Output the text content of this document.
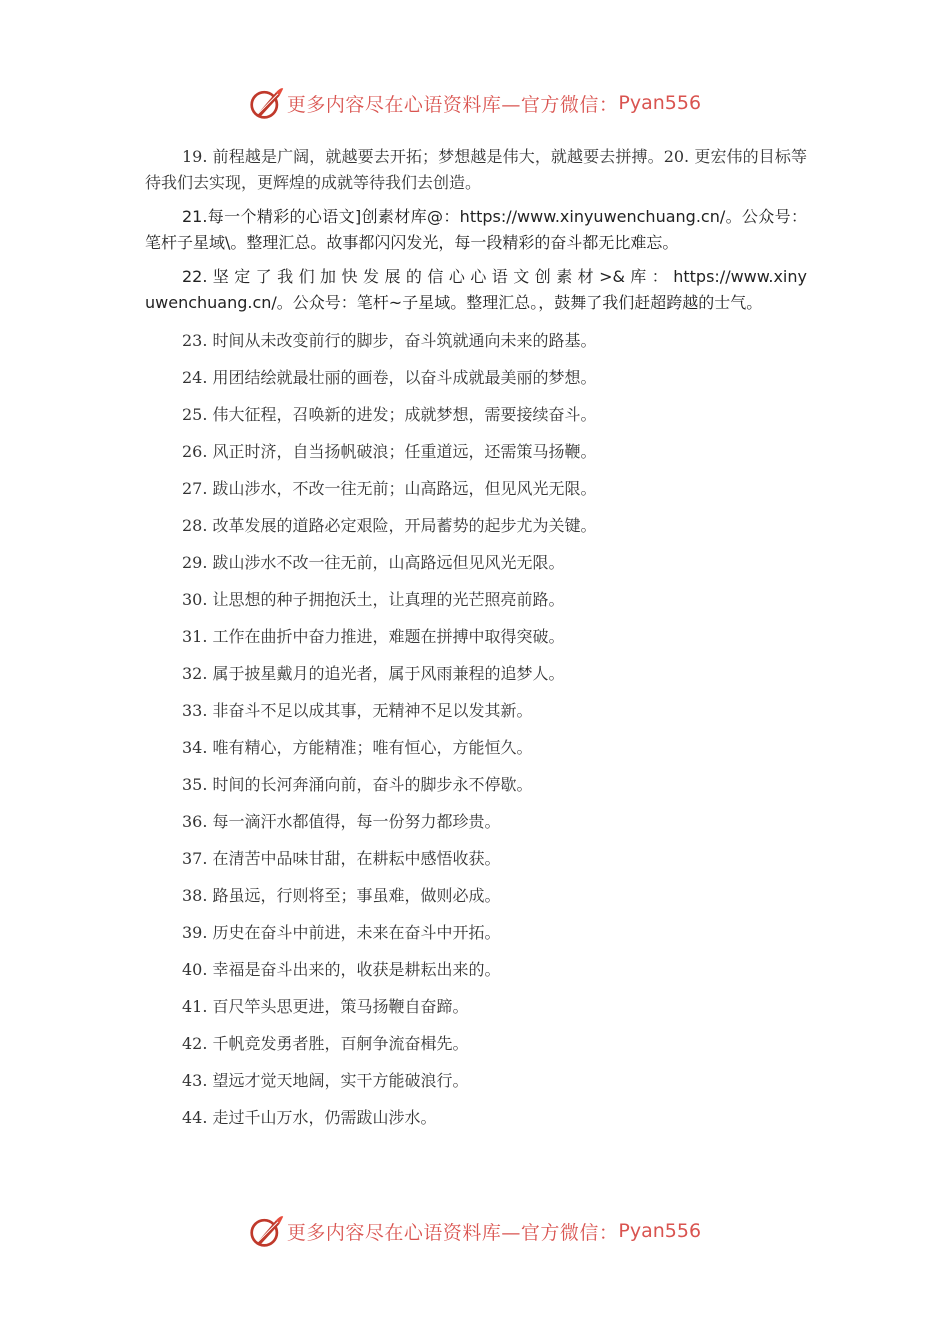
更多内容尽在心语资料库—官方微信： Pyan556

19. 前程越是广阔，就越要去开拓；梦想越是伟大，就越要去拼搏。20. 更宏伟的目标等待我们去实现，更辉煌的成就等待我们去创造。

21.每一个精彩的心语文]创素材库@：https://www.xinyuwenchuang.cn/。公众号：笔杆子星域\。整理汇总。故事都闪闪发光，每一段精彩的奋斗都无比难忘。

22. 坚 定 了 我 们 加 快 发 展 的 信 心 心 语 文 创 素 材 >& 库 ： https://www.xinyuwenchuang.cn/。公众号：笔杆~子星域。整理汇总。，鼓舞了我们赶超跨越的士气。

23. 时间从未改变前行的脚步，奋斗筑就通向未来的路基。
24. 用团结绘就最壮丽的画卷，以奋斗成就最美丽的梦想。
25. 伟大征程，召唤新的进发；成就梦想，需要接续奋斗。
26. 风正时济，自当扬帆破浪；任重道远，还需策马扬鞭。
27. 跋山涉水，不改一往无前；山高路远，但见风光无限。
28. 改革发展的道路必定艰险，开局蓄势的起步尤为关键。
29. 跋山涉水不改一往无前，山高路远但见风光无限。
30. 让思想的种子拥抱沃土，让真理的光芒照亮前路。
31. 工作在曲折中奋力推进，难题在拼搏中取得突破。
32. 属于披星戴月的追光者，属于风雨兼程的追梦人。
33. 非奋斗不足以成其事，无精神不足以发其新。
34. 唯有精心，方能精准；唯有恒心，方能恒久。
35. 时间的长河奔涌向前，奋斗的脚步永不停歇。
36. 每一滴汗水都值得，每一份努力都珍贵。
37. 在清苦中品味甘甜，在耕耘中感悟收获。
38. 路虽远，行则将至；事虽难，做则必成。
39. 历史在奋斗中前进，未来在奋斗中开拓。
40. 幸福是奋斗出来的，收获是耕耘出来的。
41. 百尺竿头思更进，策马扬鞭自奋蹄。
42. 千帆竞发勇者胜，百舸争流奋楫先。
43. 望远才觉天地阔，实干方能破浪行。
44. 走过千山万水，仍需跋山涉水。
更多内容尽在心语资料库—官方微信： Pyan556
